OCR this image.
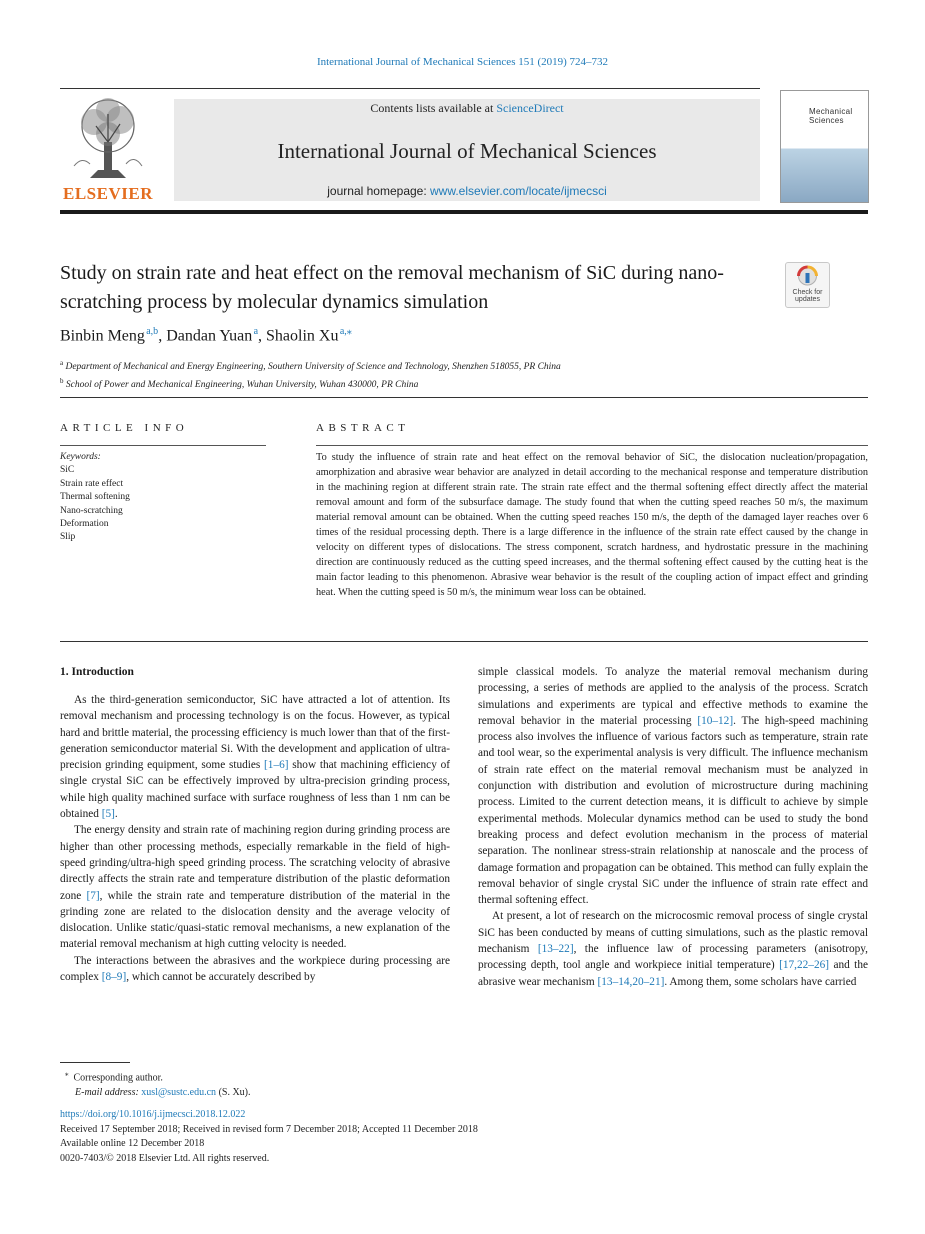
International Journal of Mechanical Sciences 151 (2019) 724–732
ELSEVIER
Contents lists available at ScienceDirect
International Journal of Mechanical Sciences
journal homepage: www.elsevier.com/locate/ijmecsci
Mechanical
Sciences
Study on strain rate and heat effect on the removal mechanism of SiC during nano-scratching process by molecular dynamics simulation	Check for
updates
Binbin Meng $^{a,b}$, Dandan Yuan $^a$, Shaolin Xu $^{a,⁎}$
$^a$ Department of Mechanical and Energy Engineering, Southern University of Science and Technology, Shenzhen 518055, PR China
$^b$ School of Power and Mechanical Engineering, Wuhan University, Wuhan 430000, PR China
ARTICLE INFO	ABSTRACT
Keywords:
SiC
Strain rate effect
Thermal softening
Nano-scratching
Deformation
Slip

To study the influence of strain rate and heat effect on the removal behavior of SiC, the dislocation nucleation/propagation, amorphization and abrasive wear behavior are analyzed in detail according to the mechanical response and temperature distribution in the machining region at different strain rate. The strain rate effect and the thermal softening effect directly affect the material removal amount and form of the subsurface damage. The study found that when the cutting speed reaches 50 m/s, the maximum material removal amount can be obtained. When the cutting speed reaches 150 m/s, the depth of the damaged layer reaches over 6 times of the residual processing depth. There is a large difference in the influence of the strain rate effect caused by the change in velocity on different types of dislocations. The stress component, scratch hardness, and hydrostatic pressure in the machining direction are continuously reduced as the cutting speed increases, and the thermal softening effect caused by the cutting heat is the main factor leading to this phenomenon. Abrasive wear behavior is the result of the coupling action of impact effect and grinding heat. When the cutting speed is 50 m/s, the minimum wear loss can be obtained.

1. Introduction

As the third-generation semiconductor, SiC have attracted a lot of attention. Its removal mechanism and processing technology is on the focus. However, as typical hard and brittle material, the processing efficiency is much lower than that of the first-generation semiconductor material Si. With the development and application of ultra-precision grinding equipment, some studies [1–6] show that machining efficiency of single crystal SiC can be effectively improved by ultra-precision grinding process, while high quality machined surface with surface roughness of less than 1 nm can be obtained [5].

The energy density and strain rate of machining region during grinding process are higher than other processing methods, especially remarkable in the field of high-speed grinding/ultra-high speed grinding process. The scratching velocity of abrasive directly affects the strain rate and temperature distribution of the plastic deformation zone [7], while the strain rate and temperature distribution of the material in the grinding zone are related to the dislocation density and the average velocity of dislocation. Unlike static/quasi-static removal mechanisms, a new explanation of the material removal mechanism at high cutting velocity is needed.

The interactions between the abrasives and the workpiece during processing are complex [8–9], which cannot be accurately described by

simple classical models. To analyze the material removal mechanism during processing, a series of methods are applied to the analysis of the process. Scratch simulations and experiments are typical and effective methods to examine the removal behavior in the material processing [10–12]. The high-speed machining process also involves the influence of various factors such as temperature, strain rate and tool wear, so the experimental analysis is very difficult. The influence mechanism of strain rate effect on the material removal mechanism must be analyzed in conjunction with distribution and evolution of microstructure during machining process. Limited to the current detection means, it is difficult to achieve by simple experimental methods. Molecular dynamics method can be used to study the bond breaking process and defect evolution mechanism in the process of material separation. The nonlinear stress-strain relationship at nanoscale and the process of damage formation and propagation can be obtained. This method can fully explain the removal behavior of single crystal SiC under the influence of strain rate effect and thermal softening effect.

At present, a lot of research on the microcosmic removal process of single crystal SiC has been conducted by means of cutting simulations, such as the plastic removal mechanism [13–22], the influence law of processing parameters (anisotropy, processing depth, tool angle and workpiece initial temperature) [17,22–26] and the abrasive wear mechanism [13–14,20–21]. Among them, some scholars have carried

⁎ Corresponding author.
E-mail address: xusl@sustc.edu.cn (S. Xu).
https://doi.org/10.1016/j.ijmecsci.2018.12.022
Received 17 September 2018; Received in revised form 7 December 2018; Accepted 11 December 2018
Available online 12 December 2018
0020-7403/© 2018 Elsevier Ltd. All rights reserved.
